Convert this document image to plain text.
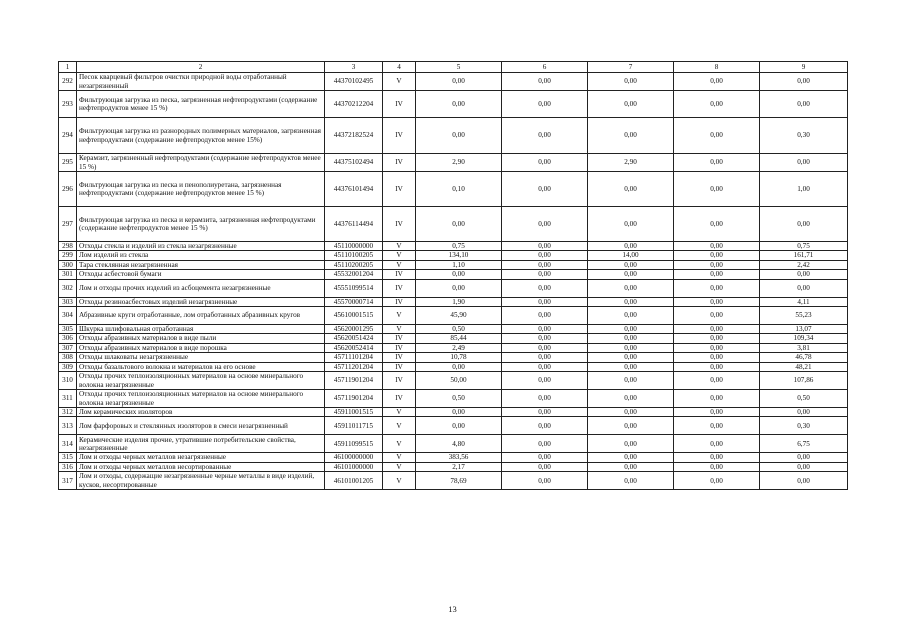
1	2	3	4	5	6	7	8	9
292	Песок кварцевый фильтров очистки природной воды отработанный незагрязненный	44370102495	V	0,00	0,00	0,00	0,00	0,00
293	Фильтрующая загрузка из песка, загрязненная нефтепродуктами (содержание нефтепродуктов менее 15 %)	44370212204	IV	0,00	0,00	0,00	0,00	0,00
294	Фильтрующая загрузка из разнородных полимерных материалов, загрязненная нефтепродуктами (содержание нефтепродуктов менее 15%)	44372182524	IV	0,00	0,00	0,00	0,00	0,30
295	Керамзит, загрязненный нефтепродуктами (содержание нефтепродуктов менее 15 %)	44375102494	IV	2,90	0,00	2,90	0,00	0,00
296	Фильтрующая загрузка из песка и пенополиуретана, загрязненная нефтепродуктами (содержание нефтепродуктов менее 15 %)	44376101494	IV	0,10	0,00	0,00	0,00	1,00
297	Фильтрующая загрузка из песка и керамзита, загрязненная нефтепродуктами (содержание нефтепродуктов менее 15 %)	44376114494	IV	0,00	0,00	0,00	0,00	0,00
298	Отходы стекла и изделий из стекла незагрязненные	45110000000	V	0,75	0,00	0,00	0,00	0,75
299	Лом изделий из стекла	45110100205	V	134,10	0,00	14,00	0,00	161,71
300	Тара стеклянная незагрязненная	45110200205	V	1,10	0,00	0,00	0,00	2,42
301	Отходы асбестовой бумаги	45532001204	IV	0,00	0,00	0,00	0,00	0,00
302	Лом и отходы прочих изделий из асбоцемента незагрязненные	45551099514	IV	0,00	0,00	0,00	0,00	0,00
303	Отходы резиноасбестовых изделий незагрязненные	45570000714	IV	1,90	0,00	0,00	0,00	4,11
304	Абразивные круги отработанные, лом отработанных абразивных кругов	45610001515	V	45,90	0,00	0,00	0,00	55,23
305	Шкурка шлифовальная отработанная	45620001295	V	0,50	0,00	0,00	0,00	13,07
306	Отходы абразивных материалов в виде пыли	45620051424	IV	85,44	0,00	0,00	0,00	109,34
307	Отходы абразивных материалов в виде порошка	45620052414	IV	2,49	0,00	0,00	0,00	3,81
308	Отходы шлаковаты незагрязненные	45711101204	IV	10,78	0,00	0,00	0,00	46,78
309	Отходы базальтового волокна и материалов на его основе	45711201204	IV	0,00	0,00	0,00	0,00	48,21
310	Отходы прочих теплоизоляционных материалов на основе минерального волокна незагрязненные	45711901204	IV	50,00	0,00	0,00	0,00	107,86
311	Отходы прочих теплоизоляционных материалов на основе минерального волокна незагрязненные	45711901204	IV	0,50	0,00	0,00	0,00	0,50
312	Лом керамических изоляторов	45911001515	V	0,00	0,00	0,00	0,00	0,00
313	Лом фарфоровых и стеклянных изоляторов в смеси незагрязненный	45911011715	V	0,00	0,00	0,00	0,00	0,30
314	Керамические изделия прочие, утратившие потребительские свойства, незагрязненные	45911099515	V	4,80	0,00	0,00	0,00	6,75
315	Лом и отходы черных металлов незагрязненные	46100000000	V	383,56	0,00	0,00	0,00	0,00
316	Лом и отходы черных металлов несортированные	46101000000	V	2,17	0,00	0,00	0,00	0,00
317	Лом и отходы, содержащие незагрязненные черные металлы в виде изделий, кусков, несортированные	46101001205	V	78,69	0,00	0,00	0,00	0,00
13
